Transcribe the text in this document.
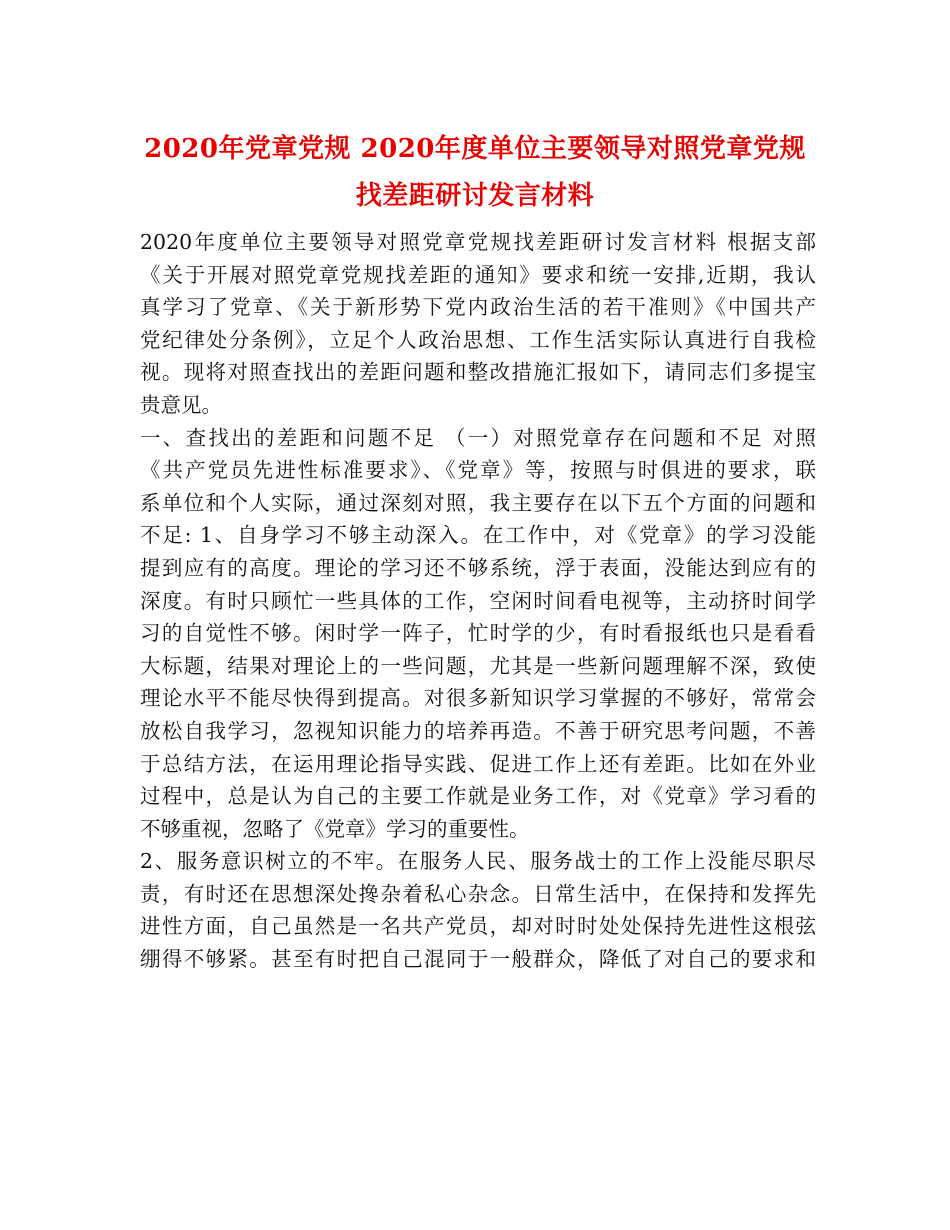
2020年党章党规 2020年度单位主要领导对照党章党规
找差距研讨发言材料
2020年度单位主要领导对照党章党规找差距研讨发言材料 根据支部
《关于开展对照党章党规找差距的通知》要求和统一安排,近期，我认
真学习了党章、《关于新形势下党内政治生活的若干准则》《中国共产
党纪律处分条例》，立足个人政治思想、工作生活实际认真进行自我检
视。现将对照查找出的差距问题和整改措施汇报如下，请同志们多提宝
贵意见。
一、查找出的差距和问题不足 （一）对照党章存在问题和不足 对照
《共产党员先进性标准要求》、《党章》等，按照与时俱进的要求，联
系单位和个人实际，通过深刻对照，我主要存在以下五个方面的问题和
不足: 1、自身学习不够主动深入。在工作中，对《党章》的学习没能
提到应有的高度。理论的学习还不够系统，浮于表面，没能达到应有的
深度。有时只顾忙一些具体的工作，空闲时间看电视等，主动挤时间学
习的自觉性不够。闲时学一阵子，忙时学的少，有时看报纸也只是看看
大标题，结果对理论上的一些问题，尤其是一些新问题理解不深，致使
理论水平不能尽快得到提高。对很多新知识学习掌握的不够好，常常会
放松自我学习，忽视知识能力的培养再造。不善于研究思考问题，不善
于总结方法，在运用理论指导实践、促进工作上还有差距。比如在外业
过程中，总是认为自己的主要工作就是业务工作，对《党章》学习看的
不够重视，忽略了《党章》学习的重要性。
2、服务意识树立的不牢。在服务人民、服务战士的工作上没能尽职尽
责，有时还在思想深处搀杂着私心杂念。日常生活中，在保持和发挥先
进性方面，自己虽然是一名共产党员，却对时时处处保持先进性这根弦
绷得不够紧。甚至有时把自己混同于一般群众，降低了对自己的要求和
